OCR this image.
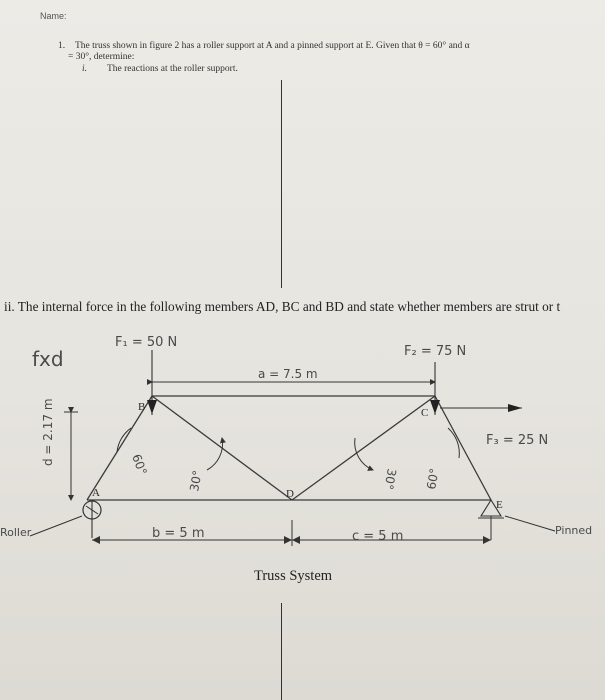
Name:
1. The truss shown in figure 2 has a roller support at A and a pinned support at E. Given that θ = 60° and α
= 30°, determine:
i. The reactions at the roller support.
ii. The internal force in the following members AD, BC and BD and state whether members are strut or t
fxd
a = 7.5 m
F₁ = 50 N
F₂ = 75 N
F₃ = 25 N
d = 2.17 m	60°
30°	30° 60°
A
B	C
D
E
Roller	Pinned
b = 5 m	c = 5 m
Truss System
